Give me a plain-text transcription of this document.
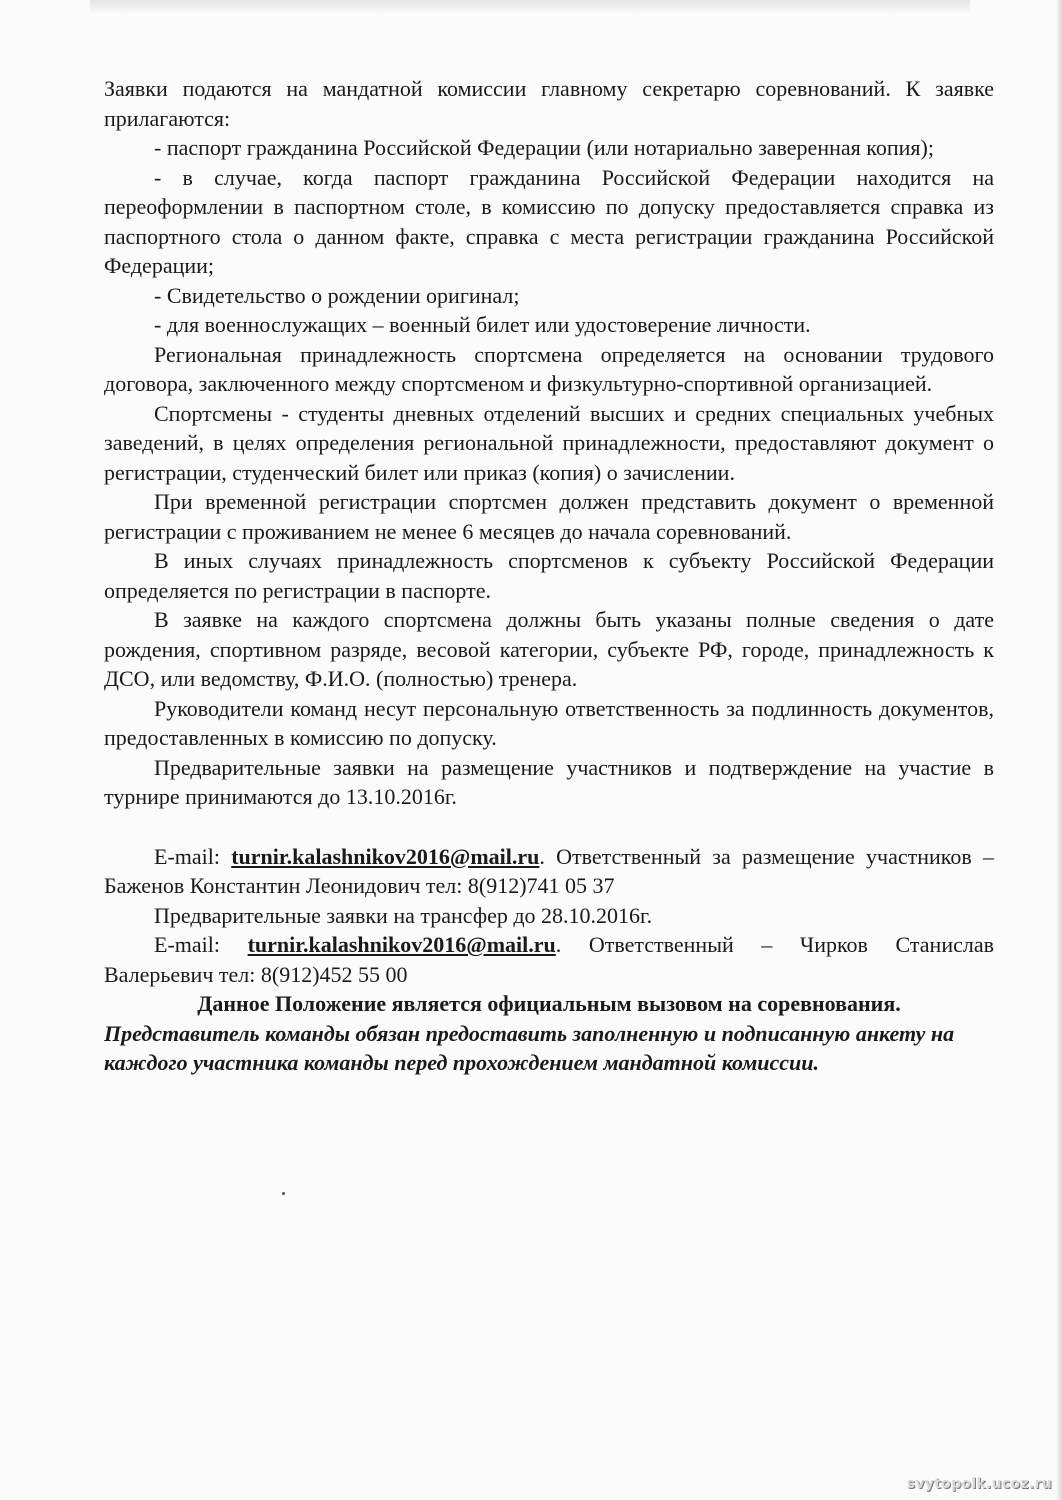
Заявки подаются на мандатной комиссии главному секретарю соревнований. К заявке прилагаются:

- паспорт гражданина Российской Федерации (или нотариально заверенная копия);

- в случае, когда паспорт гражданина Российской Федерации находится на переоформлении в паспортном столе, в комиссию по допуску предоставляется справка из паспортного стола о данном факте, справка с места регистрации гражданина Российской Федерации;

- Свидетельство о рождении оригинал;

- для военнослужащих – военный билет или удостоверение личности.

Региональная принадлежность спортсмена определяется на основании трудового договора, заключенного между спортсменом и физкультурно-спортивной организацией.

Спортсмены - студенты дневных отделений высших и средних специальных учебных заведений, в целях определения региональной принадлежности, предоставляют документ о регистрации, студенческий билет или приказ (копия) о зачислении.

При временной регистрации спортсмен должен представить документ о временной регистрации с проживанием не менее 6 месяцев до начала соревнований.

В иных случаях принадлежность спортсменов к субъекту Российской Федерации определяется по регистрации в паспорте.

В заявке на каждого спортсмена должны быть указаны полные сведения о дате рождения, спортивном разряде, весовой категории, субъекте РФ, городе, принадлежность к ДСО, или ведомству, Ф.И.О. (полностью) тренера.

Руководители команд несут персональную ответственность за подлинность документов, предоставленных в комиссию по допуску.

Предварительные заявки на размещение участников и подтверждение на участие в турнире принимаются до 13.10.2016г.

E-mail: turnir.kalashnikov2016@mail.ru. Ответственный за размещение участников – Баженов Константин Леонидович тел: 8(912)741 05 37

Предварительные заявки на трансфер до 28.10.2016г.

E-mail: turnir.kalashnikov2016@mail.ru. Ответственный – Чирков Станислав Валерьевич тел: 8(912)452 55 00

Данное Положение является официальным вызовом на соревнования.

Представитель команды обязан предоставить заполненную и подписанную анкету на каждого участника команды перед прохождением мандатной комиссии.

svytopolk.ucoz.ru
